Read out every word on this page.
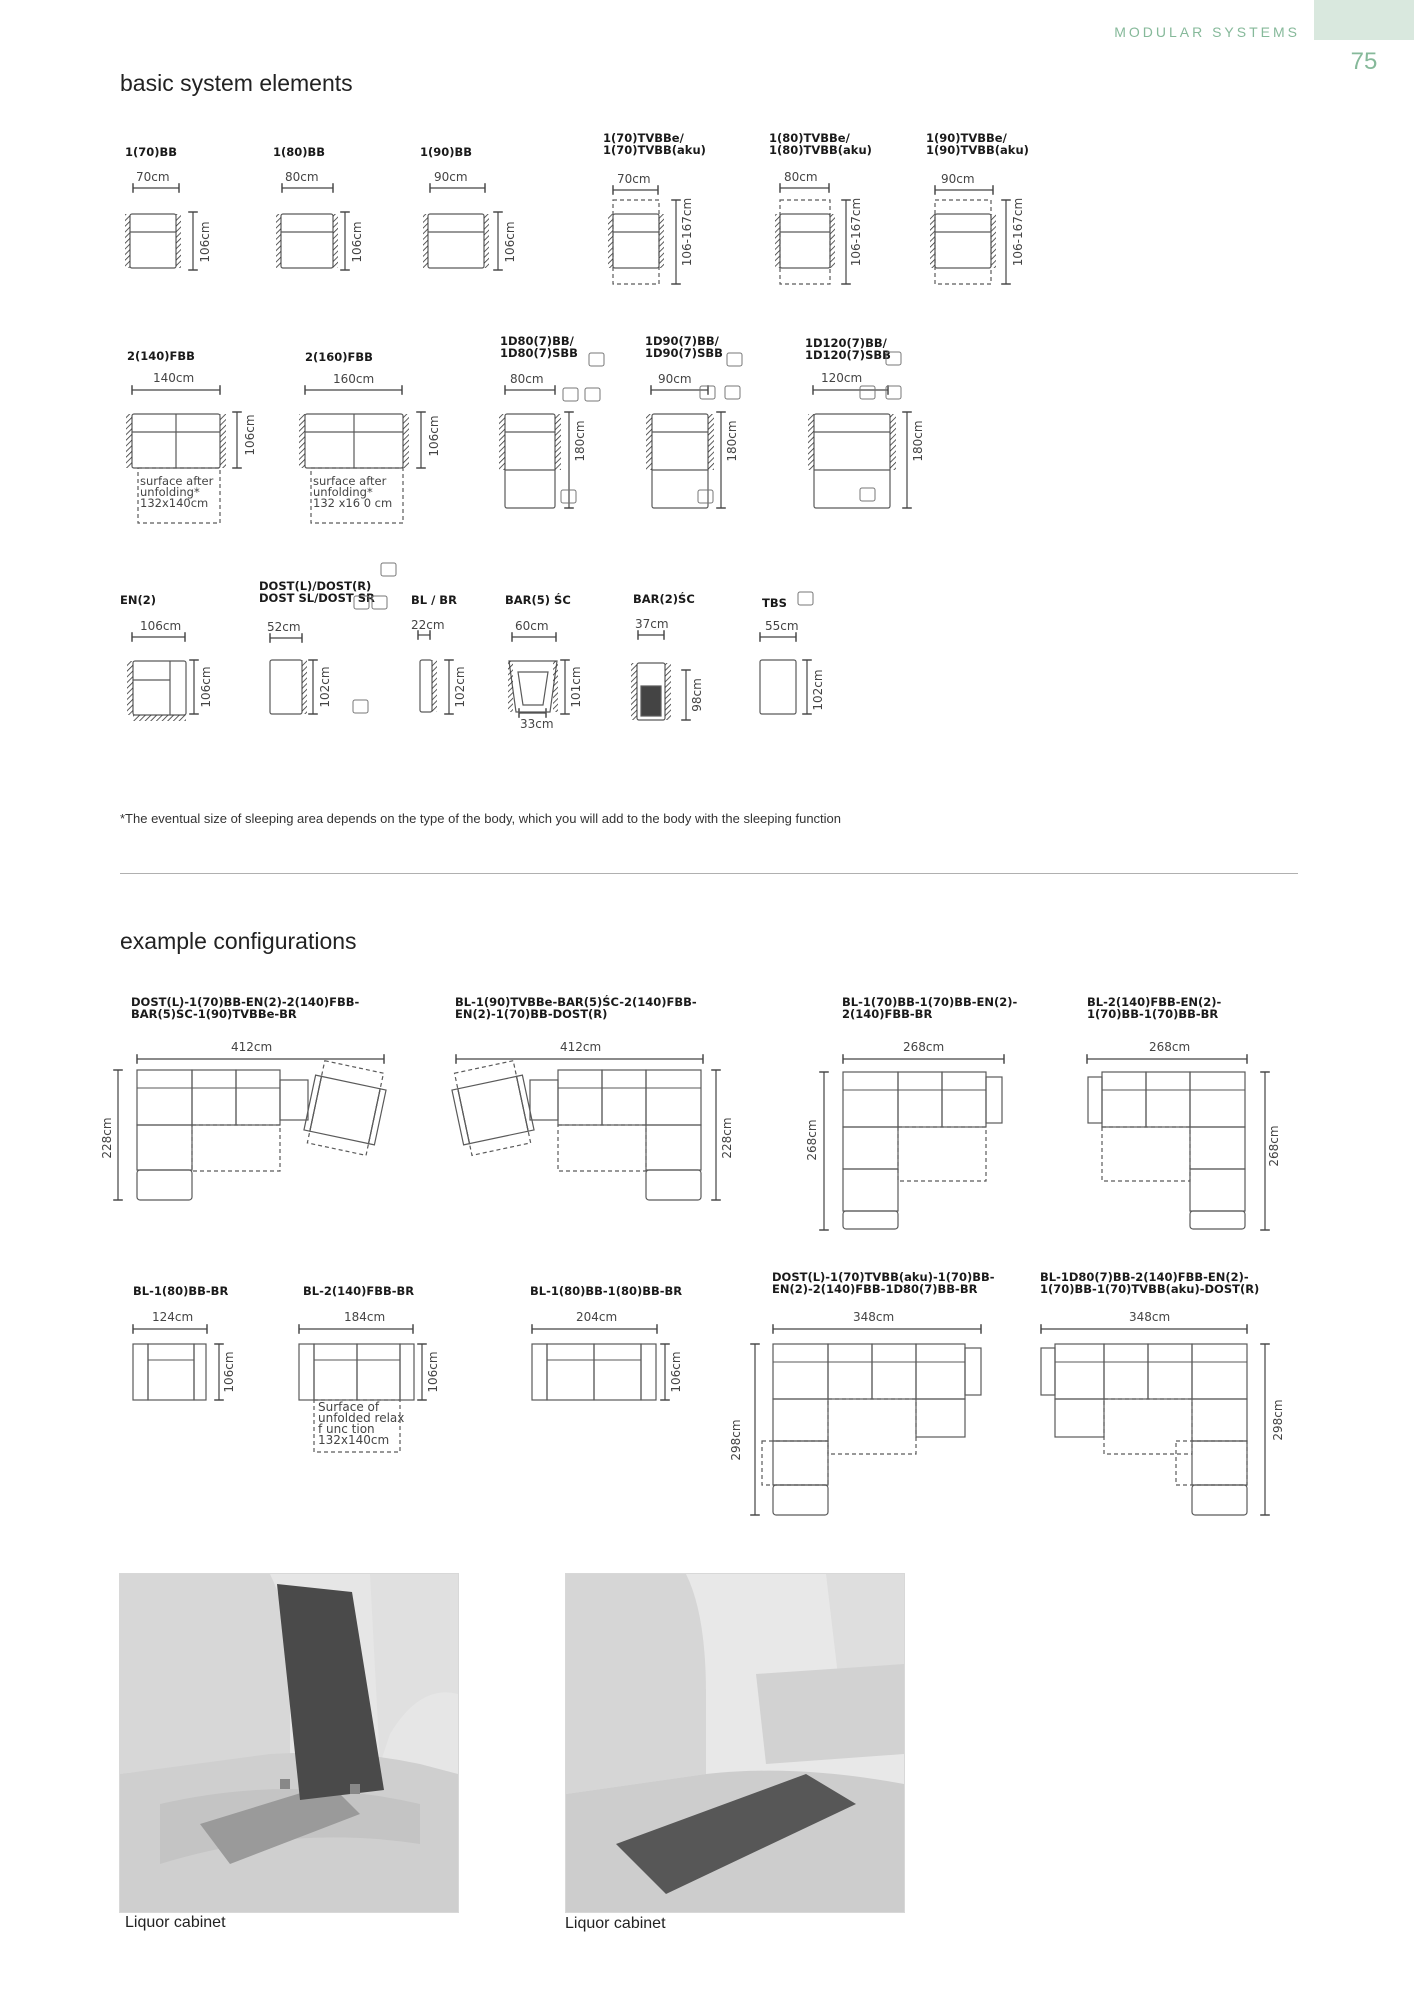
MODULAR SYSTEMS
75
basic system elements
example configurations
1(70)BB	1(80)BB	1(90)BB
1(70)TVBBe/
1(70)TVBB(aku)
1(80)TVBBe/
1(80)TVBB(aku)
1(90)TVBBe/
1(90)TVBB(aku)
2(140)FBB	2(160)FBB
1D80(7)BB/
1D80(7)SBB
1D90(7)BB/
1D90(7)SBB
1D120(7)BB/
1D120(7)SBB
EN(2)
DOST(L)/DOST(R)
DOST SL/DOST SR	BL / BR	BAR(5) ŚC	BAR(2)ŚC	TBS
70cm	80cm	90cm	70cm	80cm	90cm
140cm	160cm	80cm	90cm	120cm
106cm	52cm	22cm	60cm	37cm	55cm
33cm
106cm	106cm	106cm	106-167cm	106-167cm	106-167cm
106cm	106cm	180cm	180cm	180cm
106cm	102cm	102cm	101cm	98cm	102cm
surface after
unfolding*
132x140cm
surface after
unfolding*
132 x16 0 cm
*The eventual size of sleeping area depends on the type of the body, which you will add to the body with the sleeping function
DOST(L)-1(70)BB-EN(2)-2(140)FBB-
BAR(5)ŚC-1(90)TVBBe-BR
BL-1(90)TVBBe-BAR(5)ŚC-2(140)FBB-
EN(2)-1(70)BB-DOST(R)
BL-1(70)BB-1(70)BB-EN(2)-
2(140)FBB-BR
BL-2(140)FBB-EN(2)-
1(70)BB-1(70)BB-BR
BL-1(80)BB-BR	BL-2(140)FBB-BR	BL-1(80)BB-1(80)BB-BR
DOST(L)-1(70)TVBB(aku)-1(70)BB-
EN(2)-2(140)FBB-1D80(7)BB-BR
BL-1D80(7)BB-2(140)FBB-EN(2)-
1(70)BB-1(70)TVBB(aku)-DOST(R)
412cm	412cm	268cm	268cm
124cm	184cm	204cm	348cm	348cm
228cm	228cm	268cm	268cm
106cm	106cm	106cm
298cm	298cm
Surface of
unfolded relax
f unc tion
132x140cm
Liquor cabinet	Liquor cabinet
